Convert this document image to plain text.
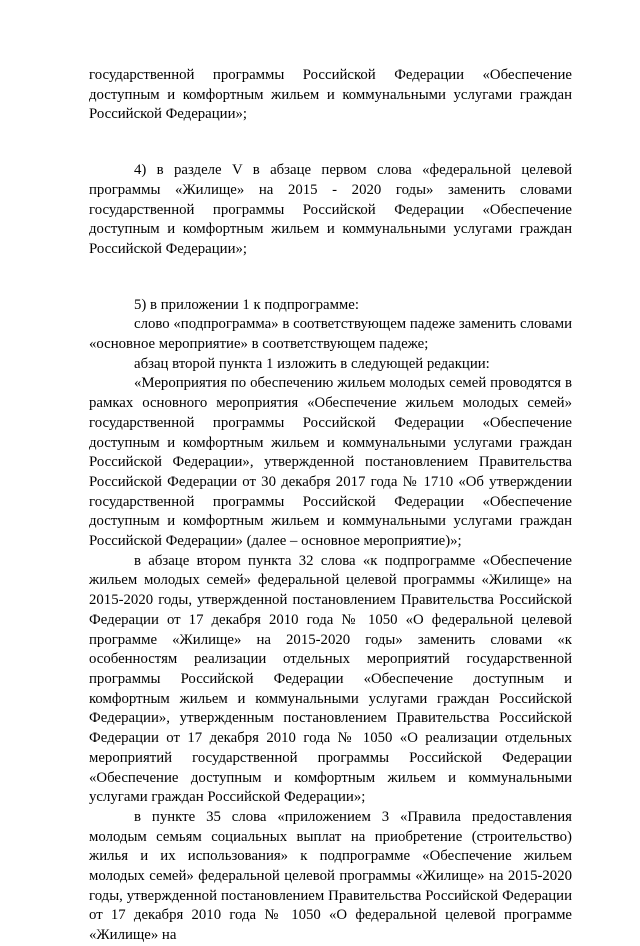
государственной программы Российской Федерации «Обеспечение доступным и комфортным жильем и коммунальными услугами граждан Российской Федерации»;

4) в разделе V в абзаце первом слова «федеральной целевой программы «Жилище» на 2015 - 2020 годы» заменить словами государственной программы Российской Федерации «Обеспечение доступным и комфортным жильем и коммунальными услугами граждан Российской Федерации»;

5) в приложении 1 к подпрограмме:

слово «подпрограмма» в соответствующем падеже заменить словами «основное мероприятие» в соответствующем падеже;

абзац второй пункта 1 изложить в следующей редакции:

«Мероприятия по обеспечению жильем молодых семей проводятся в рамках основного мероприятия «Обеспечение жильем молодых семей» государственной программы Российской Федерации «Обеспечение доступным и комфортным жильем и коммунальными услугами граждан Российской Федерации», утвержденной постановлением Правительства Российской Федерации от 30 декабря 2017 года № 1710 «Об утверждении государственной программы Российской Федерации «Обеспечение доступным и комфортным жильем и коммунальными услугами граждан Российской Федерации» (далее – основное мероприятие)»;

в абзаце втором пункта 32 слова «к подпрограмме «Обеспечение жильем молодых семей» федеральной целевой программы «Жилище» на 2015-2020 годы, утвержденной постановлением Правительства Российской Федерации от 17 декабря 2010 года № 1050 «О федеральной целевой программе «Жилище» на 2015-2020 годы» заменить словами «к особенностям реализации отдельных мероприятий государственной программы Российской Федерации «Обеспечение доступным и комфортным жильем и коммунальными услугами граждан Российской Федерации», утвержденным постановлением Правительства Российской Федерации от 17 декабря 2010 года № 1050 «О реализации отдельных мероприятий государственной программы Российской Федерации «Обеспечение доступным и комфортным жильем и коммунальными услугами граждан Российской Федерации»;

в пункте 35 слова «приложением 3 «Правила предоставления молодым семьям социальных выплат на приобретение (строительство) жилья и их использования» к подпрограмме «Обеспечение жильем молодых семей» федеральной целевой программы «Жилище» на 2015-2020 годы, утвержденной постановлением Правительства Российской Федерации от 17 декабря 2010 года № 1050 «О федеральной целевой программе «Жилище» на
